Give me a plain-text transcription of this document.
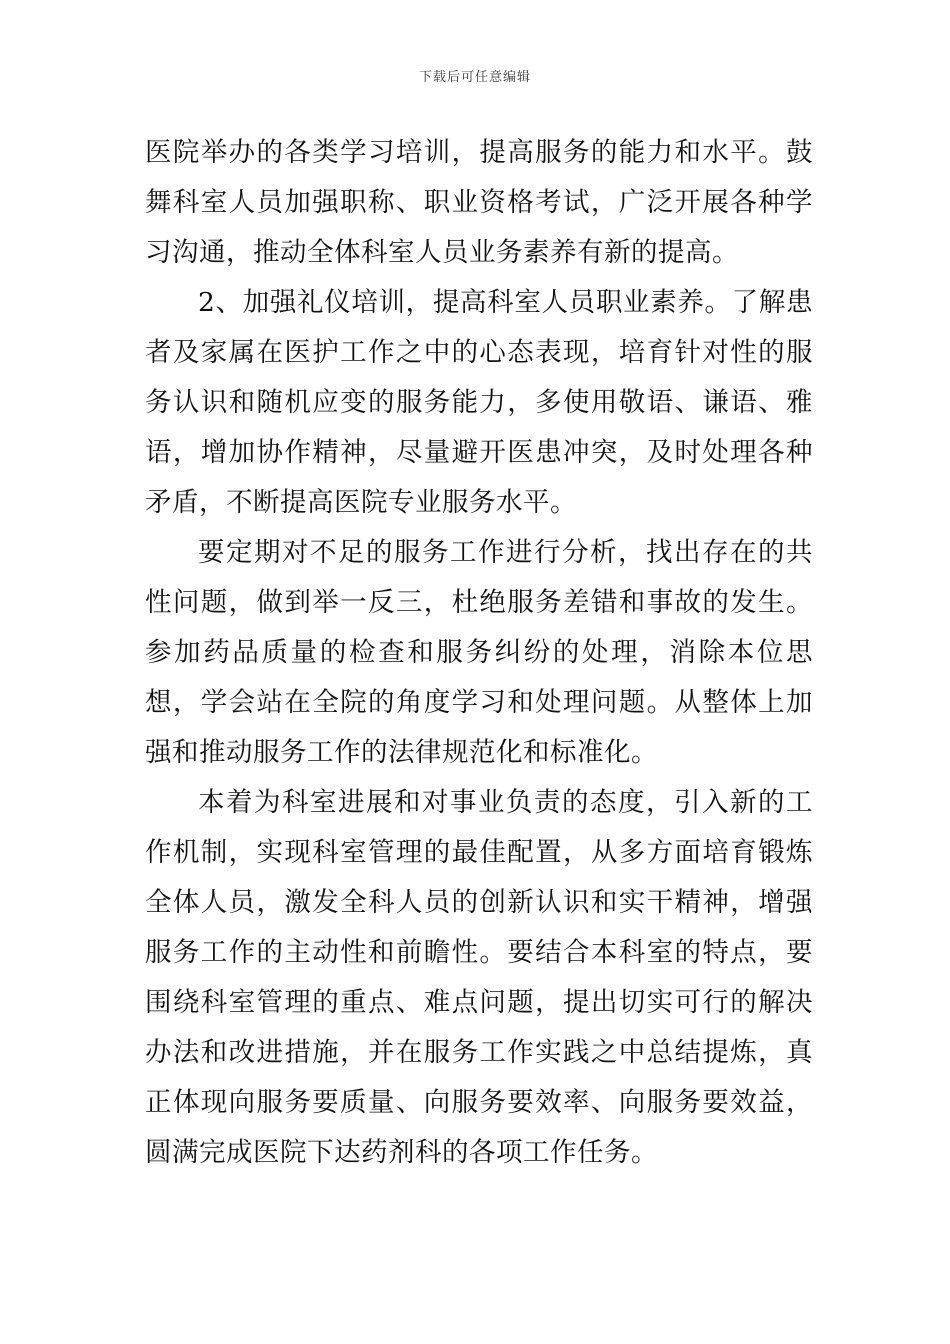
下载后可任意编辑

医院举办的各类学习培训，提高服务的能力和水平。鼓舞科室人员加强职称、职业资格考试，广泛开展各种学习沟通，推动全体科室人员业务素养有新的提高。

2、加强礼仪培训，提高科室人员职业素养。了解患者及家属在医护工作之中的心态表现，培育针对性的服务认识和随机应变的服务能力，多使用敬语、谦语、雅语，增加协作精神，尽量避开医患冲突，及时处理各种矛盾，不断提高医院专业服务水平。

要定期对不足的服务工作进行分析，找出存在的共性问题，做到举一反三，杜绝服务差错和事故的发生。参加药品质量的检查和服务纠纷的处理，消除本位思想，学会站在全院的角度学习和处理问题。从整体上加强和推动服务工作的法律规范化和标准化。

本着为科室进展和对事业负责的态度，引入新的工作机制，实现科室管理的最佳配置，从多方面培育锻炼全体人员，激发全科人员的创新认识和实干精神，增强服务工作的主动性和前瞻性。要结合本科室的特点，要围绕科室管理的重点、难点问题，提出切实可行的解决办法和改进措施，并在服务工作实践之中总结提炼，真正体现向服务要质量、向服务要效率、向服务要效益，圆满完成医院下达药剂科的各项工作任务。
